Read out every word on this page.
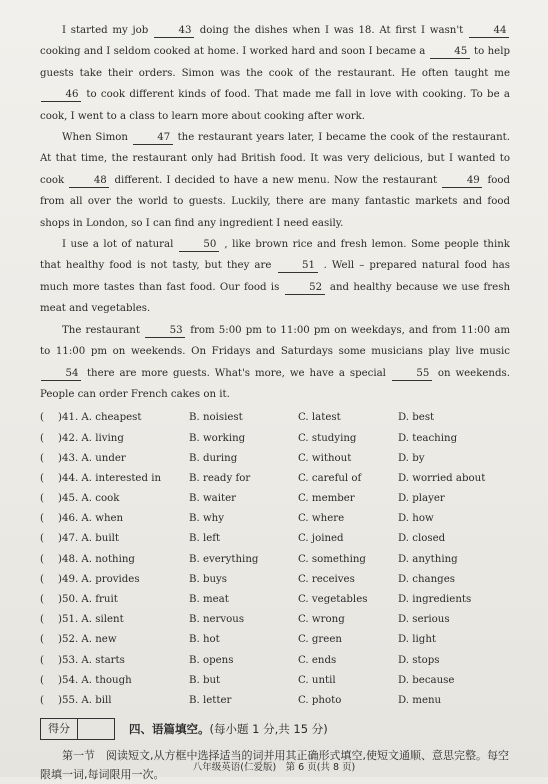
I started my job	43 doing the dishes when I was 18. At first I wasn't	44 cooking and I seldom cooked at home. I worked hard and soon I became a	45 to help guests take their orders. Simon was the cook of the restaurant. He often taught me 46 to cook different kinds of food. That made me fall in love with cooking. To be a cook, I went to a class to learn more about cooking after work.

When Simon	47 the restaurant years later, I became the cook of the restaurant. At that time, the restaurant only had British food. It was very delicious, but I wanted to cook	48 different. I decided to have a new menu. Now the restaurant	49 food from all over the world to guests. Luckily, there are many fantastic markets and food shops in London, so I can find any ingredient I need easily.

I use a lot of natural	50 , like brown rice and fresh lemon. Some people think that healthy food is not tasty, but they are	51 . Well – prepared natural food has much more tastes than fast food. Our food is	52 and healthy because we use fresh meat and vegetables.

The restaurant	53 from 5:00 pm to 11:00 pm on weekdays, and from 11:00 am to 11:00 pm on weekends. On Fridays and Saturdays some musicians play live music 54 there are more guests. What's more, we have a special	55 on weekends. People can order French cakes on it.

(	)41. A. cheapest	B. noisiest	C. latest	D. best
(	)42. A. living	B. working	C. studying	D. teaching
(	)43. A. under	B. during	C. without	D. by
(	)44. A. interested in	B. ready for	C. careful of	D. worried about
(	)45. A. cook	B. waiter	C. member	D. player
(	)46. A. when	B. why	C. where	D. how
(	)47. A. built	B. left	C. joined	D. closed
(	)48. A. nothing	B. everything	C. something	D. anything
(	)49. A. provides	B. buys	C. receives	D. changes
(	)50. A. fruit	B. meat	C. vegetables	D. ingredients
(	)51. A. silent	B. nervous	C. wrong	D. serious
(	)52. A. new	B. hot	C. green	D. light
(	)53. A. starts	B. opens	C. ends	D. stops
(	)54. A. though	B. but	C. until	D. because
(	)55. A. bill	B. letter	C. photo	D. menu
得分	四、语篇填空。(每小题 1 分,共 15 分)

第一节　阅读短文,从方框中选择适当的词并用其正确形式填空,使短文通顺、意思完整。每空限填一词,每词限用一次。

八年级英语(仁爱版)　第 6 页(共 8 页)
